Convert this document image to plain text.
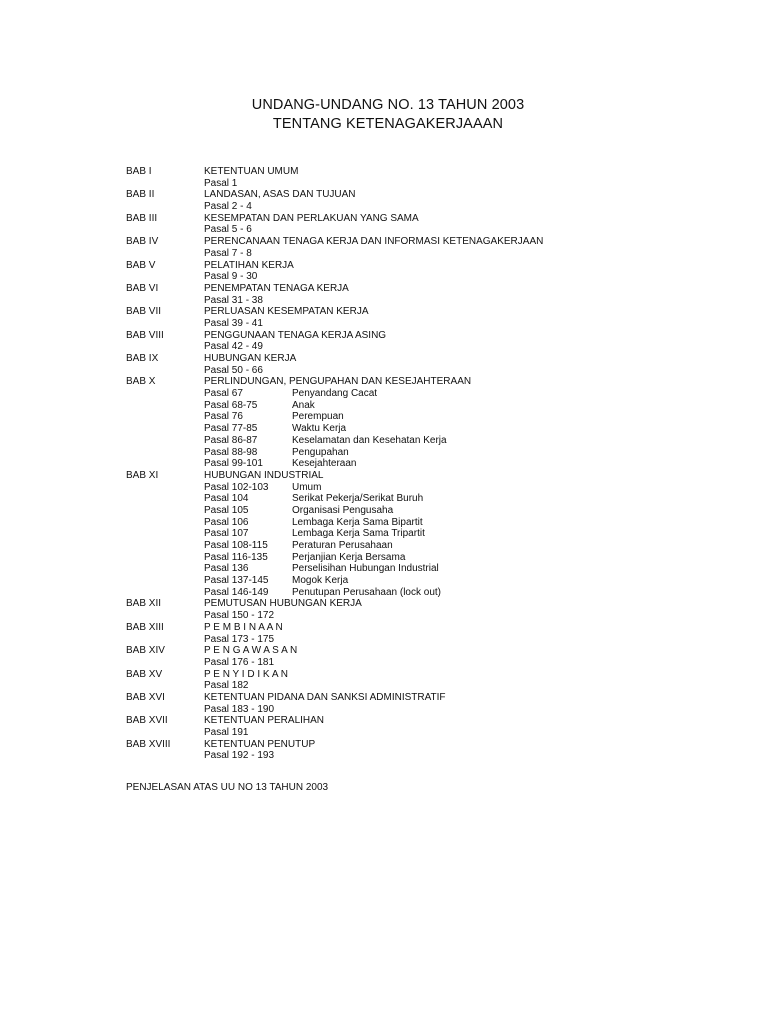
UNDANG-UNDANG NO. 13 TAHUN 2003
TENTANG KETENAGAKERJAAAN
BAB I	KETENTUAN UMUM
Pasal 1
BAB II	LANDASAN, ASAS DAN TUJUAN
Pasal 2 - 4
BAB III	KESEMPATAN DAN PERLAKUAN YANG SAMA
Pasal 5 - 6
BAB IV	PERENCANAAN TENAGA KERJA DAN INFORMASI KETENAGAKERJAAN
Pasal 7 - 8
BAB V	PELATIHAN KERJA
Pasal 9 - 30
BAB VI	PENEMPATAN TENAGA KERJA
Pasal 31 - 38
BAB VII	PERLUASAN KESEMPATAN KERJA
Pasal 39 - 41
BAB VIII	PENGGUNAAN TENAGA KERJA ASING
Pasal 42 - 49
BAB IX	HUBUNGAN KERJA
Pasal 50 - 66
BAB X	PERLINDUNGAN, PENGUPAHAN DAN KESEJAHTERAAN
Pasal 67	Penyandang Cacat
Pasal 68-75	Anak
Pasal 76	Perempuan
Pasal 77-85	Waktu Kerja
Pasal 86-87	Keselamatan dan Kesehatan Kerja
Pasal 88-98	Pengupahan
Pasal 99-101	Kesejahteraan
BAB XI	HUBUNGAN INDUSTRIAL
Pasal 102-103 Umum
Pasal 104	Serikat Pekerja/Serikat Buruh
Pasal 105	Organisasi Pengusaha
Pasal 106	Lembaga Kerja Sama Bipartit
Pasal 107	Lembaga Kerja Sama Tripartit
Pasal 108-115 Peraturan Perusahaan
Pasal 116-135 Perjanjian Kerja Bersama
Pasal 136	Perselisihan Hubungan Industrial
Pasal 137-145 Mogok Kerja
Pasal 146-149 Penutupan Perusahaan (lock out)
BAB XII	PEMUTUSAN HUBUNGAN KERJA
Pasal 150 - 172
BAB XIII	P E M B I N A A N
Pasal 173 - 175
BAB XIV	P E N G A W A S A N
Pasal 176 - 181
BAB XV	P E N Y I D I K A N
Pasal 182
BAB XVI	KETENTUAN PIDANA DAN SANKSI ADMINISTRATIF
Pasal 183 - 190
BAB XVII	KETENTUAN PERALIHAN
Pasal 191
BAB XVIII	KETENTUAN PENUTUP
Pasal 192 - 193
PENJELASAN ATAS UU NO 13 TAHUN 2003
